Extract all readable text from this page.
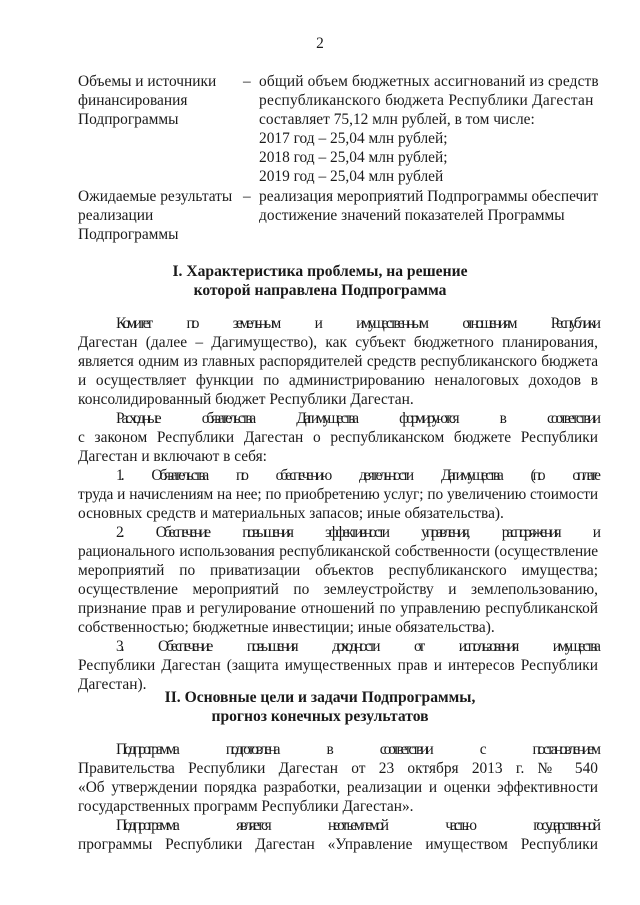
2
Объемы и источники
финансирования
Подпрограммы
– общий объем бюджетных ассигнований из средств
республиканского бюджета Республики Дагестан
составляет 75,12 млн рублей, в том числе:
2017 год – 25,04 млн рублей;
2018 год – 25,04 млн рублей;
2019 год – 25,04 млн рублей
Ожидаемые результаты
реализации
Подпрограммы
– реализация мероприятий Подпрограммы обеспечит
достижение значений показателей Программы
I. Характеристика проблемы, на решение
которой направлена Подпрограмма
Комитет по земельным и имущественным отношениям Республики
Дагестан (далее – Дагимущество), как субъект бюджетного планирования,
является одним из главных распорядителей средств республиканского бюджета
и осуществляет функции по администрированию неналоговых доходов в
консолидированный бюджет Республики Дагестан.
Расходные обязательства Дагимущества формируются в соответствии
с законом Республики Дагестан о республиканском бюджете Республики
Дагестан и включают в себя:
1. Обязательства по обеспечению деятельности Дагимущества (по оплате
труда и начислениям на нее; по приобретению услуг; по увеличению стоимости
основных средств и материальных запасов; иные обязательства).
2. Обеспечение повышения эффективности управления, распоряжения и
рационального использования республиканской собственности (осуществление
мероприятий по приватизации объектов республиканского имущества;
осуществление мероприятий по землеустройству и землепользованию,
признание прав и регулирование отношений по управлению республиканской
собственностью; бюджетные инвестиции; иные обязательства).
3. Обеспечение повышения доходности от использования имущества
Республики Дагестан (защита имущественных прав и интересов Республики
Дагестан).
II. Основные цели и задачи Подпрограммы,
прогноз конечных результатов
Подпрограмма подготовлена в соответствии с постановлением
Правительства Республики Дагестан от 23 октября 2013 г. № 540
«Об утверждении порядка разработки, реализации и оценки эффективности
государственных программ Республики Дагестан».
Подпрограмма является неотъемлемой частью государственной
программы Республики Дагестан «Управление имуществом Республики
